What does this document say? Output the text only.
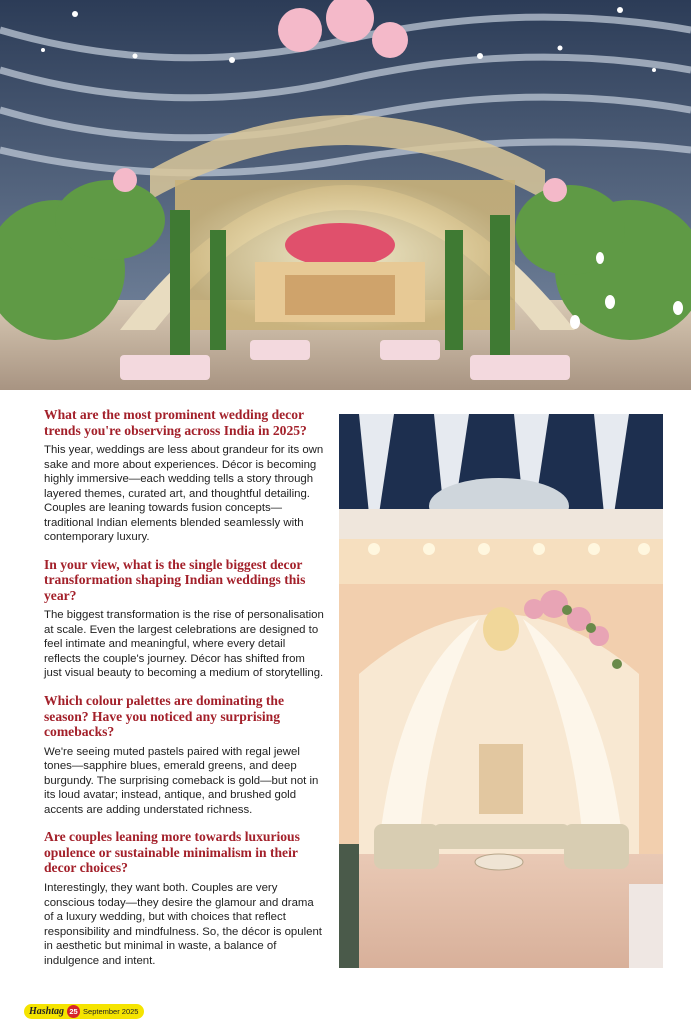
What are the most prominent wedding decor trends you're observing across India in 2025?

This year, weddings are less about grandeur for its own sake and more about experiences. Décor is becoming highly immersive—each wedding tells a story through layered themes, curated art, and thoughtful detailing. Couples are leaning towards fusion concepts—traditional Indian elements blended seamlessly with contemporary luxury.

In your view, what is the single biggest decor transformation shaping Indian weddings this year?

The biggest transformation is the rise of personalisation at scale. Even the largest celebrations are designed to feel intimate and meaningful, where every detail reflects the couple's journey. Décor has shifted from just visual beauty to becoming a medium of storytelling.

Which colour palettes are dominating the season? Have you noticed any surprising comebacks?

We're seeing muted pastels paired with regal jewel tones—sapphire blues, emerald greens, and deep burgundy. The surprising comeback is gold—but not in its loud avatar; instead, antique, and brushed gold accents are adding understated richness.

Are couples leaning more towards luxurious opulence or sustainable minimalism in their decor choices?

Interestingly, they want both. Couples are very conscious today—they desire the glamour and drama of a luxury wedding, but with choices that reflect responsibility and mindfulness. So, the décor is opulent in aesthetic but minimal in waste, a balance of indulgence and intent.

Hashtag 25 September 2025
